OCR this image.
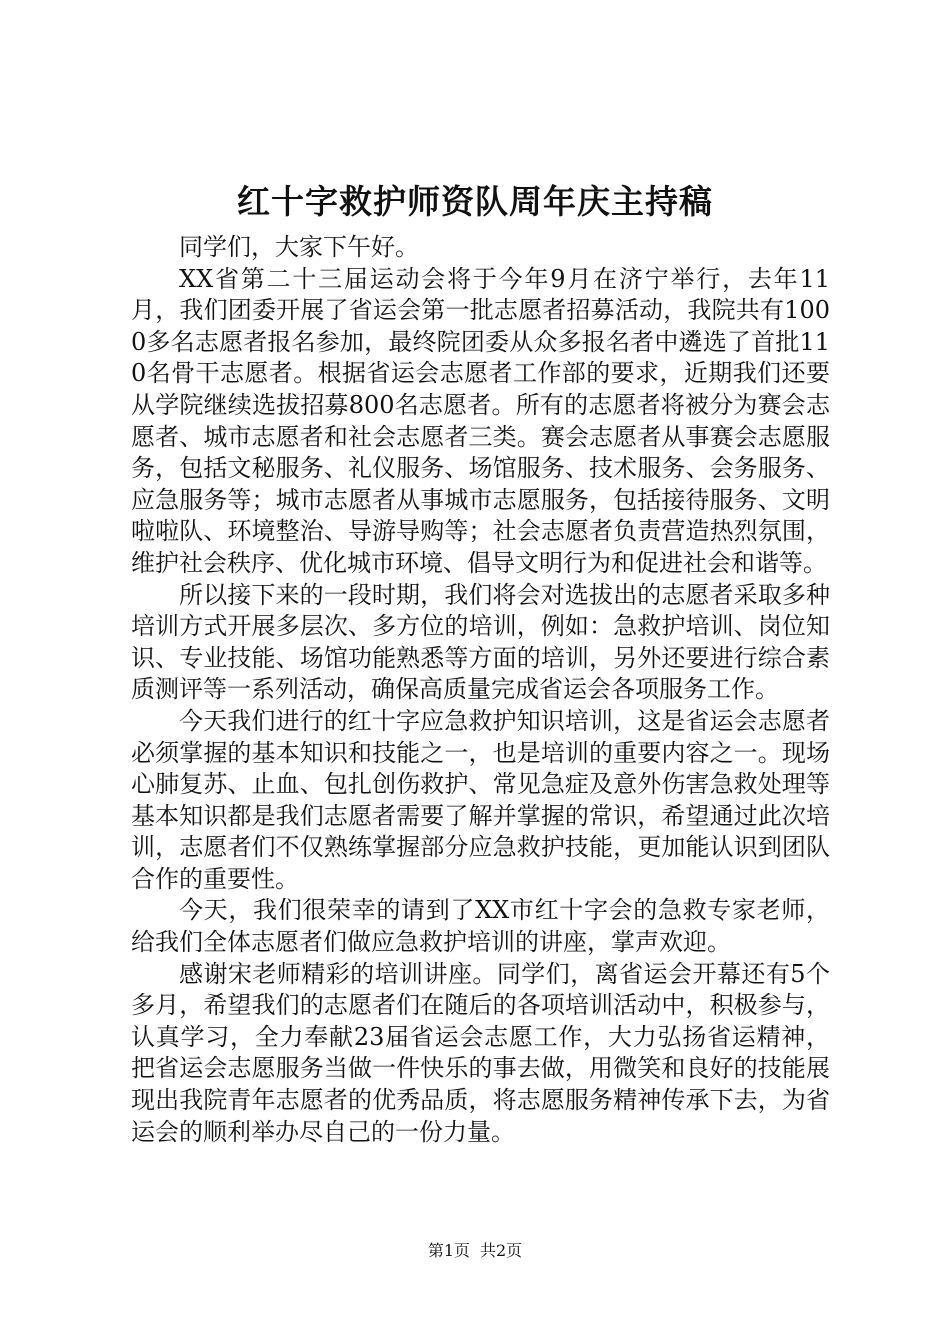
红十字救护师资队周年庆主持稿

同学们，大家下午好。

XX省第二十三届运动会将于今年9月在济宁举行，去年11月，我们团委开展了省运会第一批志愿者招募活动，我院共有1000多名志愿者报名参加，最终院团委从众多报名者中遴选了首批110名骨干志愿者。根据省运会志愿者工作部的要求，近期我们还要从学院继续选拔招募800名志愿者。所有的志愿者将被分为赛会志愿者、城市志愿者和社会志愿者三类。赛会志愿者从事赛会志愿服务，包括文秘服务、礼仪服务、场馆服务、技术服务、会务服务、应急服务等；城市志愿者从事城市志愿服务，包括接待服务、文明啦啦队、环境整治、导游导购等；社会志愿者负责营造热烈氛围，维护社会秩序、优化城市环境、倡导文明行为和促进社会和谐等。

所以接下来的一段时期，我们将会对选拔出的志愿者采取多种培训方式开展多层次、多方位的培训，例如：急救护培训、岗位知识、专业技能、场馆功能熟悉等方面的培训，另外还要进行综合素质测评等一系列活动，确保高质量完成省运会各项服务工作。

今天我们进行的红十字应急救护知识培训，这是省运会志愿者必须掌握的基本知识和技能之一，也是培训的重要内容之一。现场心肺复苏、止血、包扎创伤救护、常见急症及意外伤害急救处理等基本知识都是我们志愿者需要了解并掌握的常识，希望通过此次培训，志愿者们不仅熟练掌握部分应急救护技能，更加能认识到团队合作的重要性。

今天，我们很荣幸的请到了XX市红十字会的急救专家老师，给我们全体志愿者们做应急救护培训的讲座，掌声欢迎。

感谢宋老师精彩的培训讲座。同学们，离省运会开幕还有5个多月，希望我们的志愿者们在随后的各项培训活动中，积极参与，认真学习，全力奉献23届省运会志愿工作，大力弘扬省运精神，把省运会志愿服务当做一件快乐的事去做，用微笑和良好的技能展现出我院青年志愿者的优秀品质，将志愿服务精神传承下去，为省运会的顺利举办尽自己的一份力量。

第1页 共2页
